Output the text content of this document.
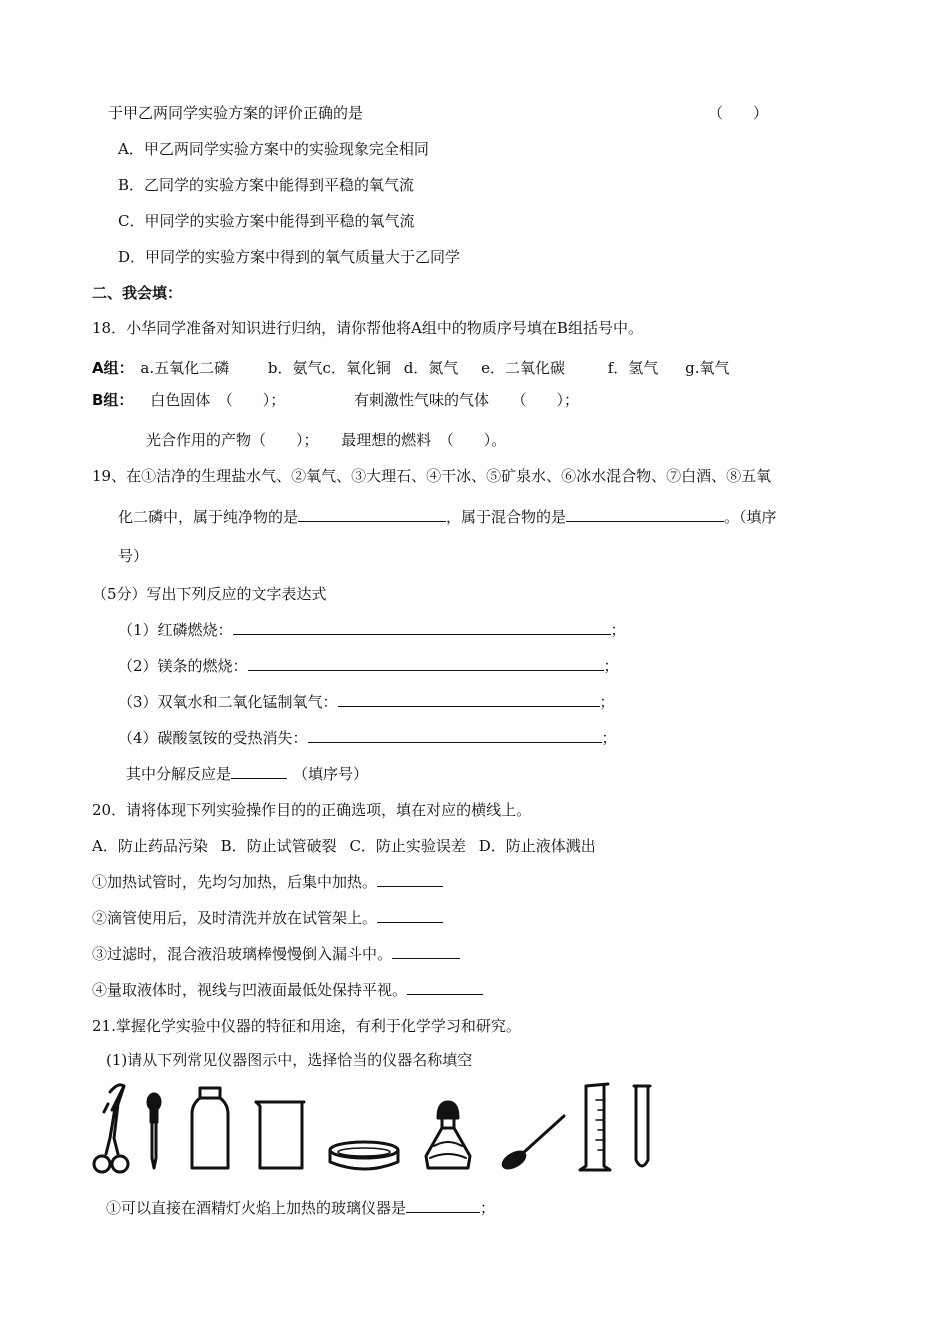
于甲乙两同学实验方案的评价正确的是	（　　）
A．甲乙两同学实验方案中的实验现象完全相同
B．乙同学的实验方案中能得到平稳的氧气流
C．甲同学的实验方案中能得到平稳的氧气流
D．甲同学的实验方案中得到的氧气质量大于乙同学
二、我会填：
18．小华同学准备对知识进行归纳，请你帮他将A组中的物质序号填在B组括号中。
A组： a.五氧化二磷	b．氨气c．氧化铜 d．氮气 e．二氧化碳	f．氢气 g.氧气
B组： 白色固体　（　　）；	有刺激性气味的气体　　（　　）；
光合作用的产物（　　）； 最理想的燃料　（　　）。
19、在①洁净的生理盐水气、②氧气、③大理石、④干冰、⑤矿泉水、⑥冰水混合物、⑦白酒、⑧五氧
化二磷中，属于纯净物的是	，属于混合物的是	。（填序
号）
（5分）写出下列反应的文字表达式
（1）红磷燃烧：	；
（2）镁条的燃烧：	；
（3）双氧水和二氧化锰制氧气：	；
（4）碳酸氢铵的受热消失：	；
其中分解反应是	（填序号）
20．请将体现下列实验操作目的的正确选项，填在对应的横线上。
A．防止药品污染 B．防止试管破裂 C．防止实验误差 D．防止液体溅出
①加热试管时，先均匀加热，后集中加热。
②滴管使用后，及时清洗并放在试管架上。
③过滤时，混合液沿玻璃棒慢慢倒入漏斗中。
④量取液体时，视线与凹液面最低处保持平视。
21.掌握化学实验中仪器的特征和用途，有利于化学学习和研究。
(1)请从下列常见仪器图示中，选择恰当的仪器名称填空
①可以直接在酒精灯火焰上加热的玻璃仪器是	；
